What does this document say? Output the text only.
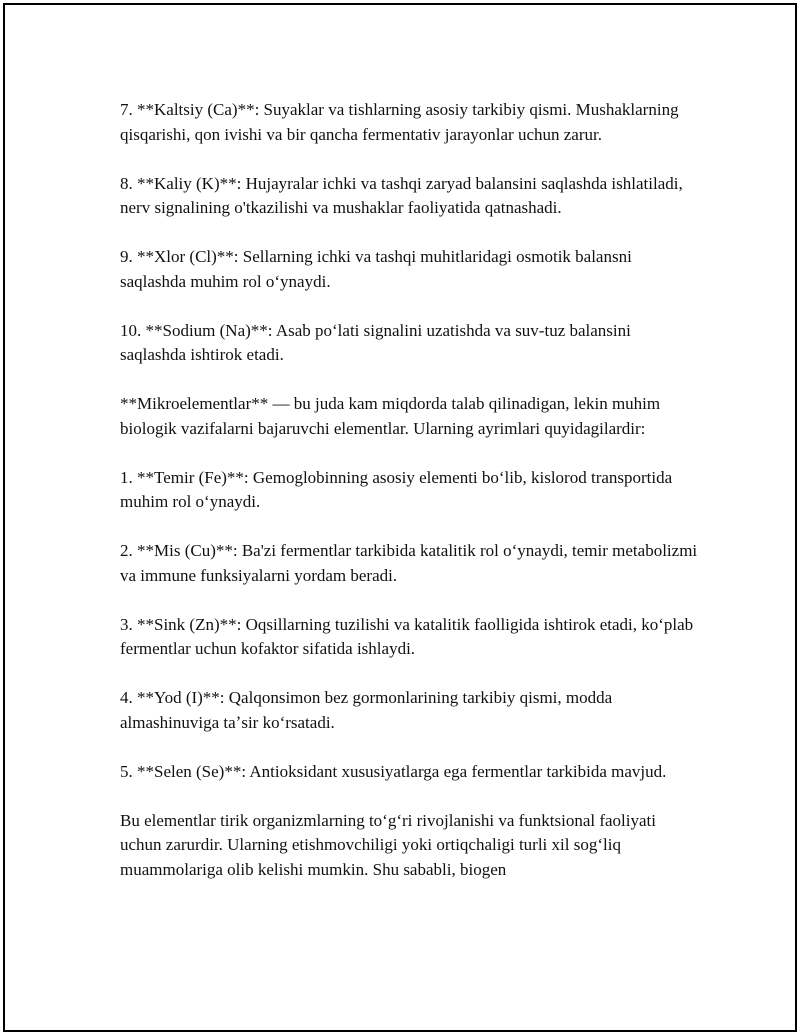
7. **Kaltsiy (Ca)**: Suyaklar va tishlarning asosiy tarkibiy qismi. Mushaklarning qisqarishi, qon ivishi va bir qancha fermentativ jarayonlar uchun zarur.

8. **Kaliy (K)**: Hujayralar ichki va tashqi zaryad balansini saqlashda ishlatiladi, nerv signalining o'tkazilishi va mushaklar faoliyatida qatnashadi.

9. **Xlor (Cl)**: Sellarning ichki va tashqi muhitlaridagi osmotik balansni saqlashda muhim rol oʻynaydi.

10. **Sodium (Na)**: Asab poʻlati signalini uzatishda va suv-tuz balansini saqlashda ishtirok etadi.

**Mikroelementlar** — bu juda kam miqdorda talab qilinadigan, lekin muhim biologik vazifalarni bajaruvchi elementlar. Ularning ayrimlari quyidagilardir:

1. **Temir (Fe)**: Gemoglobinning asosiy elementi boʻlib, kislorod transportida muhim rol oʻynaydi.

2. **Mis (Cu)**: Ba'zi fermentlar tarkibida katalitik rol oʻynaydi, temir metabolizmi va immune funksiyalarni yordam beradi.

3. **Sink (Zn)**: Oqsillarning tuzilishi va katalitik faolligida ishtirok etadi, koʻplab fermentlar uchun kofaktor sifatida ishlaydi.

4. **Yod (I)**: Qalqonsimon bez gormonlarining tarkibiy qismi, modda almashinuviga taʼsir koʻrsatadi.

5. **Selen (Se)**: Antioksidant xususiyatlarga ega fermentlar tarkibida mavjud.

Bu elementlar tirik organizmlarning toʻgʻri rivojlanishi va funktsional faoliyati uchun zarurdir. Ularning etishmovchiligi yoki ortiqchaligi turli xil sogʻliq muammolariga olib kelishi mumkin. Shu sababli, biogen
